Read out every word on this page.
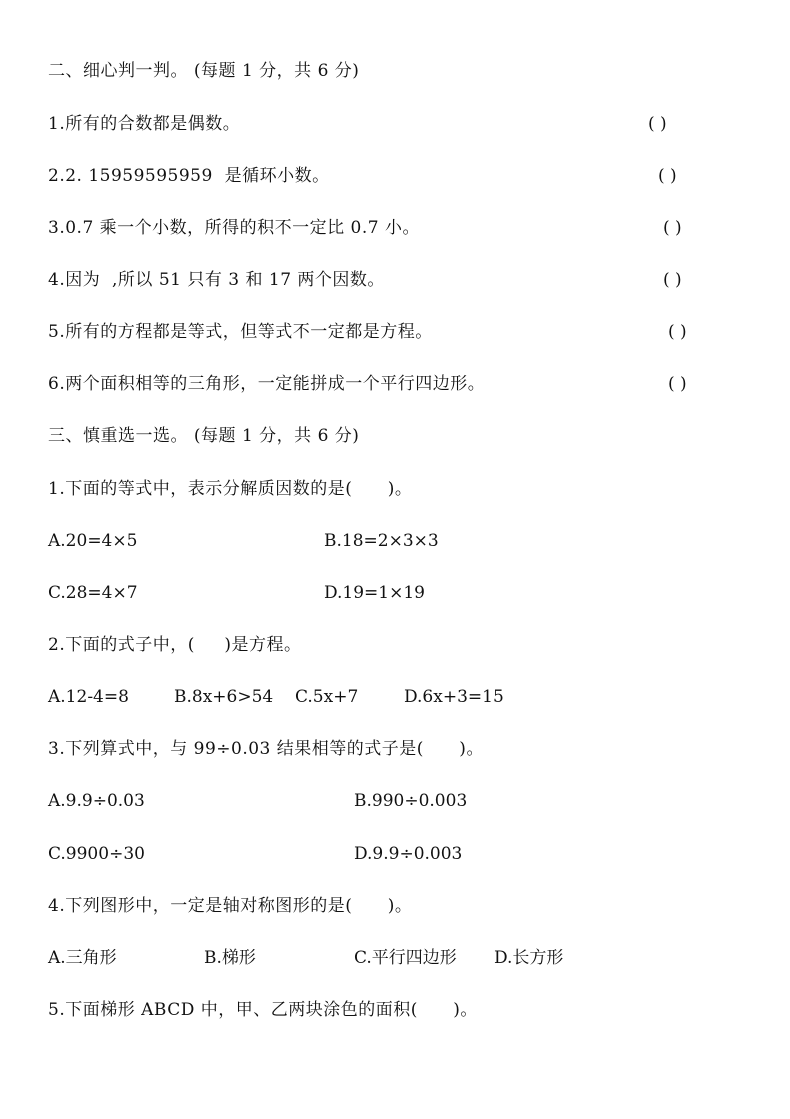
二、细心判一判。 (每题 1 分，共 6 分)
1.所有的合数都是偶数。	( )
2.2. 15959595959  是循环小数。	( )
3.0.7 乘一个小数，所得的积不一定比 0.7 小。	( )
4.因为  ,所以 51 只有 3 和 17 两个因数。	( )
5.所有的方程都是等式，但等式不一定都是方程。	( )
6.两个面积相等的三角形，一定能拼成一个平行四边形。	( )
三、慎重选一选。 (每题 1 分，共 6 分)
1.下面的等式中，表示分解质因数的是(      )。
A.20=4×5	B.18=2×3×3
C.28=4×7	D.19=1×19
2.下面的式子中，(     )是方程。
A.12-4=8	B.8x+6>54 C.5x+7	D.6x+3=15
3.下列算式中，与 99÷0.03 结果相等的式子是(      )。
A.9.9÷0.03	B.990÷0.003
C.9900÷30	D.9.9÷0.003
4.下列图形中，一定是轴对称图形的是(      )。
A.三角形	B.梯形	C.平行四边形 D.长方形
5.下面梯形 ABCD 中，甲、乙两块涂色的面积(      )。
